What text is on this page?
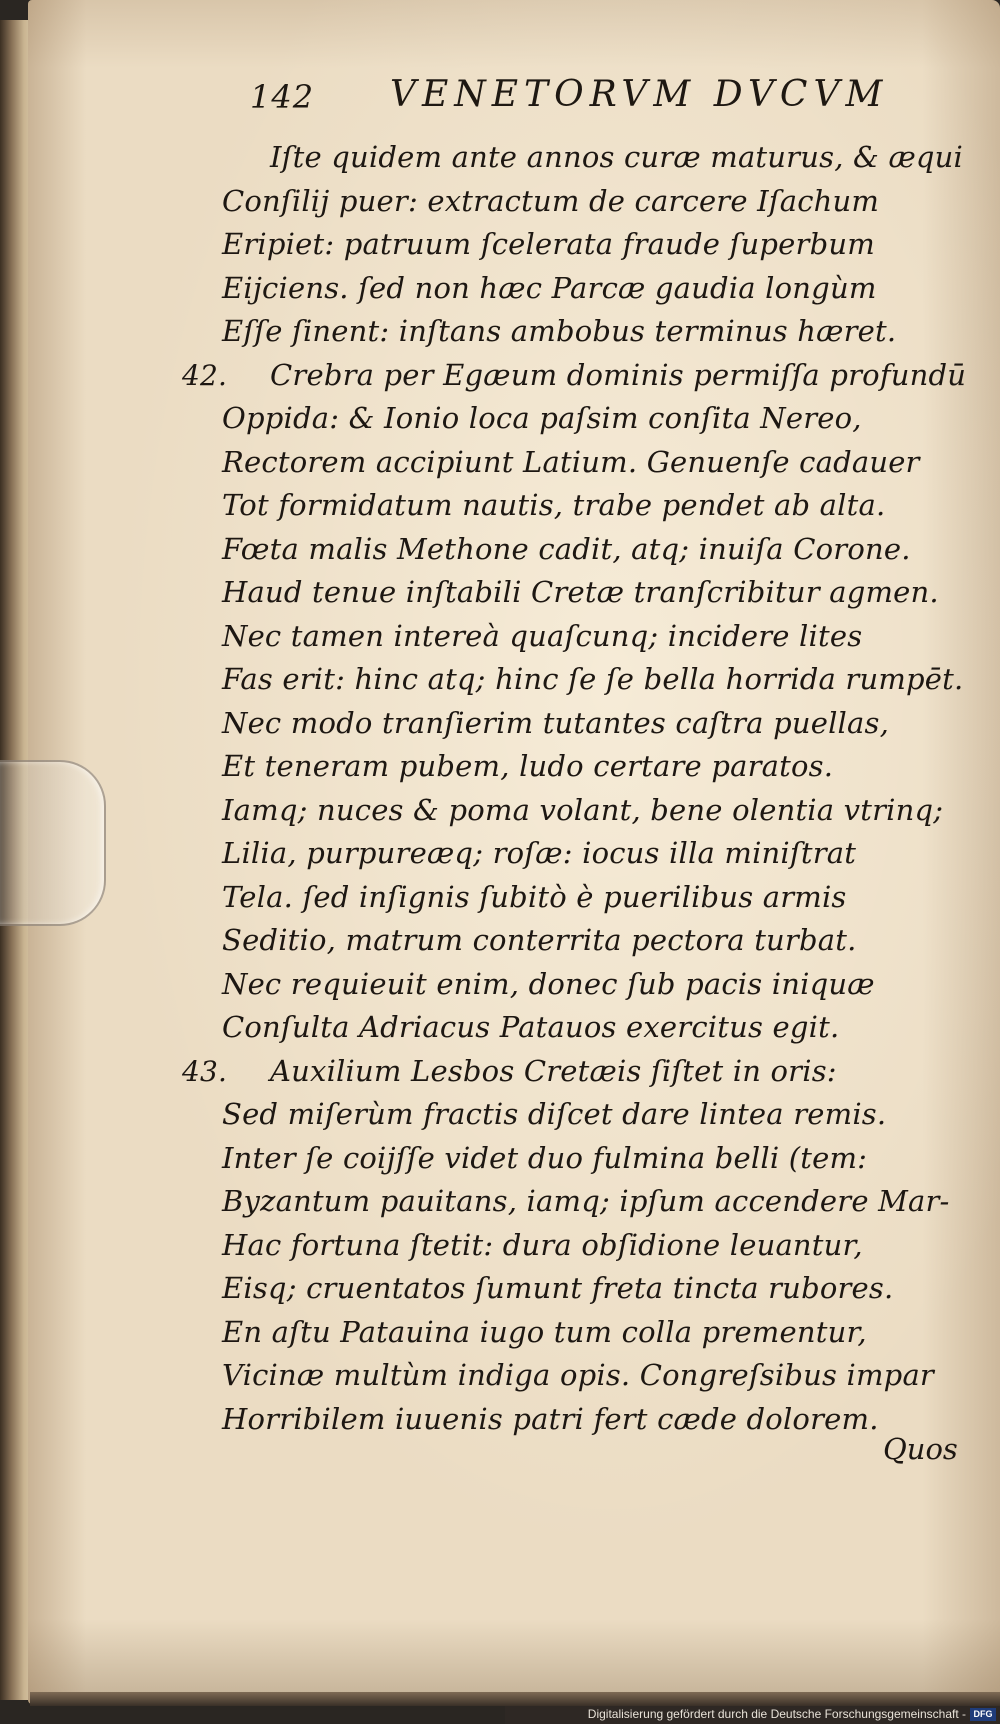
142 VENETORVM DVCVM
Iſte quidem ante annos curæ maturus, & æqui
Conſilij puer: extractum de carcere Iſachum
Eripiet: patruum ſcelerata fraude ſuperbum
Eijciens. ſed non hæc Parcæ gaudia longùm
Eſſe ſinent: inſtans ambobus terminus hæret.
42. Crebra per Egæum dominis permiſſa profundū
Oppida: & Ionio loca paſsim conſita Nereo,
Rectorem accipiunt Latium. Genuenſe cadauer
Tot formidatum nautis, trabe pendet ab alta.
Fœta malis Methone cadit, atq; inuiſa Corone.
Haud tenue inſtabili Cretæ tranſcribitur agmen.
Nec tamen intereà quaſcunq; incidere lites
Fas erit: hinc atq; hinc ſe ſe bella horrida rumpēt.
Nec modo tranſierim tutantes caſtra puellas,
Et teneram pubem, ludo certare paratos.
Iamq; nuces & poma volant, bene olentia vtrinq;
Lilia, purpureæq; roſæ: iocus illa miniſtrat
Tela. ſed inſignis ſubitò è puerilibus armis
Seditio, matrum conterrita pectora turbat.
Nec requieuit enim, donec ſub pacis iniquæ
Conſulta Adriacus Patauos exercitus egit.
43. Auxilium Lesbos Cretæis ſiſtet in oris:
Sed miſerùm fractis diſcet dare lintea remis.
Inter ſe coijſſe videt duo fulmina belli (tem:
Byzantum pauitans, iamq; ipſum accendere Mar-
Hac fortuna ſtetit: dura obſidione leuantur,
Eisq; cruentatos ſumunt freta tincta rubores.
En aſtu Patauina iugo tum colla prementur,
Vicinæ multùm indiga opis. Congreſsibus impar
Horribilem iuuenis patri fert cæde dolorem.
Quos
Digitalisierung gefördert durch die Deutsche Forschungsgemeinschaft - DFG
